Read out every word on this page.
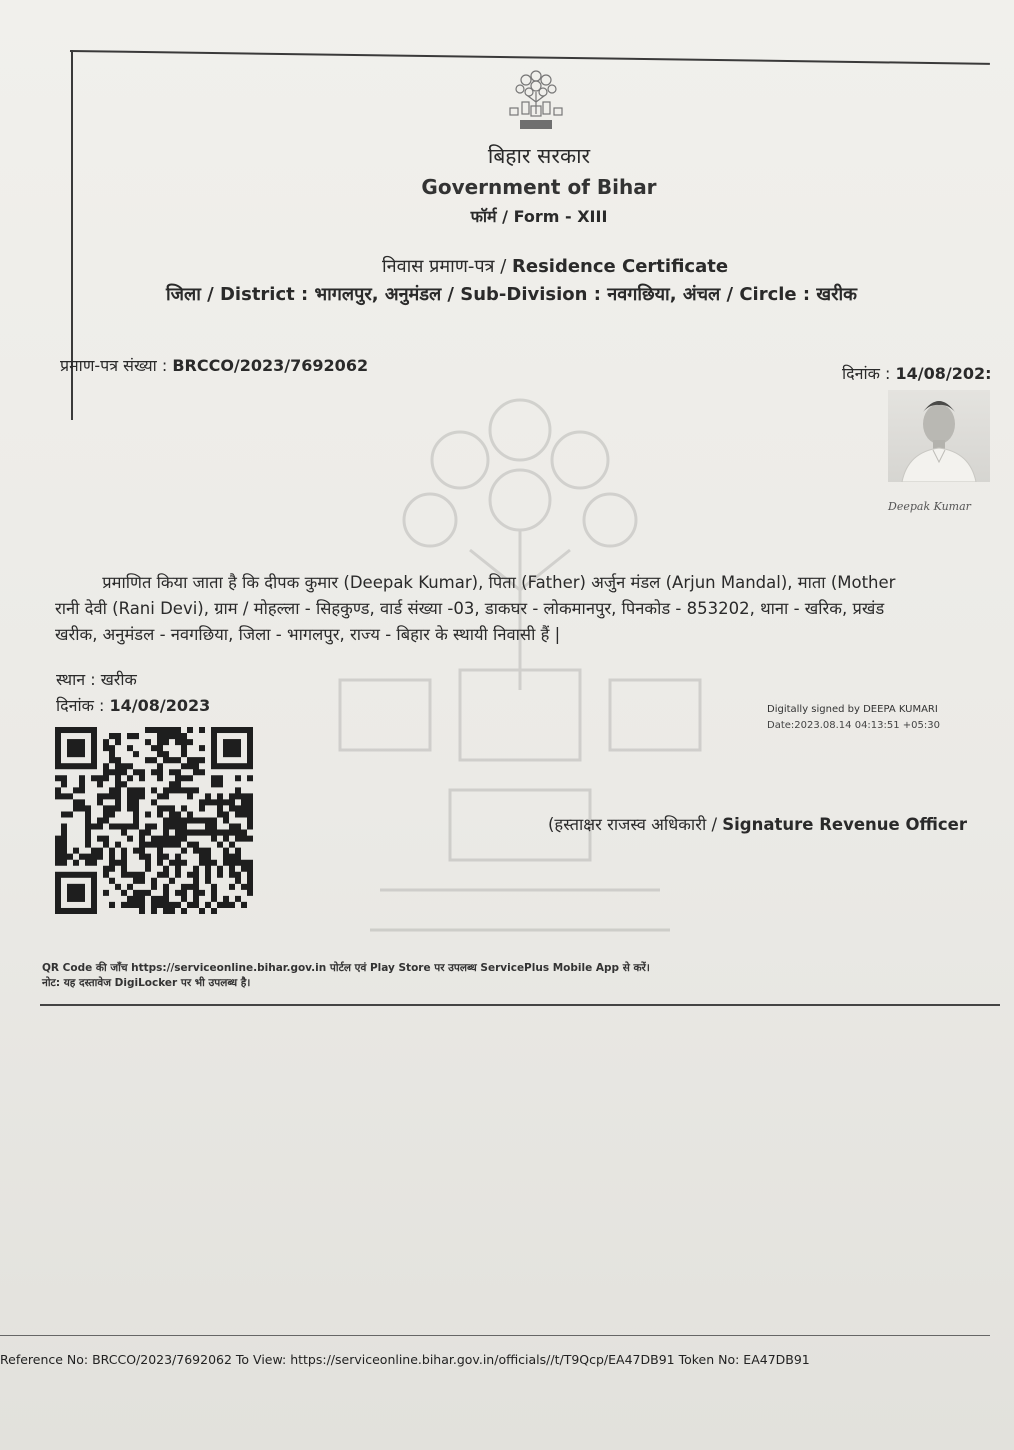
बिहार सरकार
Government of Bihar
फॉर्म / Form - XIII
निवास प्रमाण-पत्र / Residence Certificate
जिला / District : भागलपुर, अनुमंडल / Sub-Division : नवगछिया, अंचल / Circle : खरीक
प्रमाण-पत्र संख्या : BRCCO/2023/7692062	दिनांक : 14/08/202:
Deepak Kumar
प्रमाणित किया जाता है कि दीपक कुमार (Deepak Kumar), पिता (Father) अर्जुन मंडल (Arjun Mandal), माता (Mother
रानी देवी (Rani Devi), ग्राम / मोहल्ला - सिहकुण्ड, वार्ड संख्या -03, डाकघर - लोकमानपुर, पिनकोड - 853202, थाना - खरिक, प्रखंड
खरीक, अनुमंडल - नवगछिया, जिला - भागलपुर, राज्य - बिहार के स्थायी निवासी हैं |
स्थान : खरीक
दिनांक : 14/08/2023	Digitally signed by DEEPA KUMARI
Date:2023.08.14 04:13:51 +05:30
(हस्ताक्षर राजस्व अधिकारी / Signature Revenue Officer
QR Code की जाँच https://serviceonline.bihar.gov.in पोर्टल एवं Play Store पर उपलब्ध ServicePlus Mobile App से करें।
नोट: यह दस्तावेज DigiLocker पर भी उपलब्ध है।
Reference No: BRCCO/2023/7692062 To View: https://serviceonline.bihar.gov.in/officials//t/T9Qcp/EA47DB91 Token No: EA47DB91
